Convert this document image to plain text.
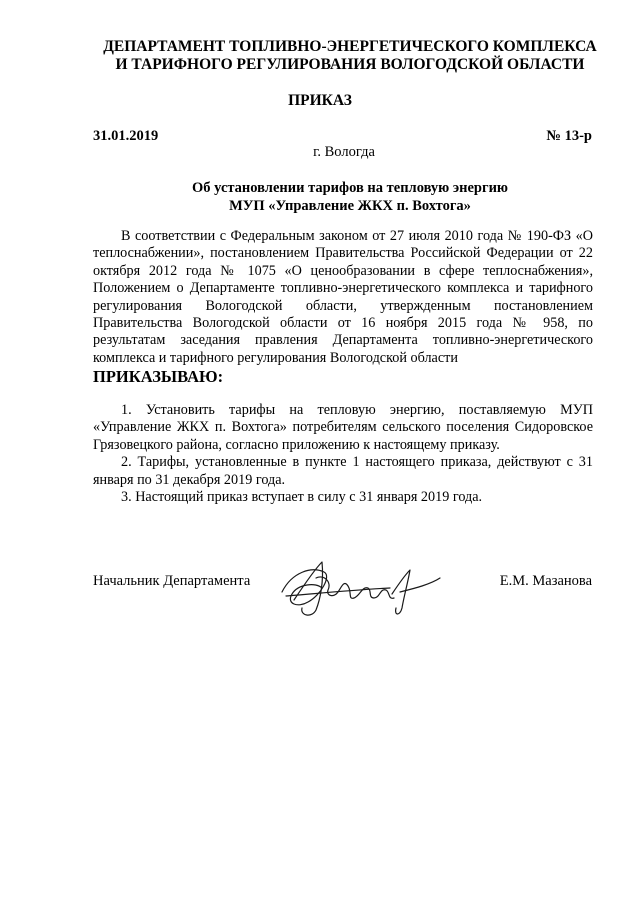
ДЕПАРТАМЕНТ ТОПЛИВНО-ЭНЕРГЕТИЧЕСКОГО КОМПЛЕКСА
И ТАРИФНОГО РЕГУЛИРОВАНИЯ ВОЛОГОДСКОЙ ОБЛАСТИ
ПРИКАЗ
31.01.2019	№ 13-р
г. Вологда
Об установлении тарифов на тепловую энергию
МУП «Управление ЖКХ п. Вохтога»
В соответствии с Федеральным законом от 27 июля 2010 года № 190-ФЗ «О теплоснабжении», постановлением Правительства Российской Федерации от 22 октября 2012 года № 1075 «О ценообразовании в сфере теплоснабжения», Положением о Департаменте топливно-энергетического комплекса и тарифного регулирования Вологодской области, утвержденным постановлением Правительства Вологодской области от 16 ноября 2015 года № 958, по результатам заседания правления Департамента топливно-энергетического комплекса и тарифного регулирования Вологодской области
ПРИКАЗЫВАЮ:

1. Установить тарифы на тепловую энергию, поставляемую МУП «Управление ЖКХ п. Вохтога» потребителям сельского поселения Сидоровское Грязовецкого района, согласно приложению к настоящему приказу.

2. Тарифы, установленные в пункте 1 настоящего приказа, действуют с 31 января по 31 декабря 2019 года.

3. Настоящий приказ вступает в силу с 31 января 2019 года.

Начальник Департамента	Е.М. Мазанова
